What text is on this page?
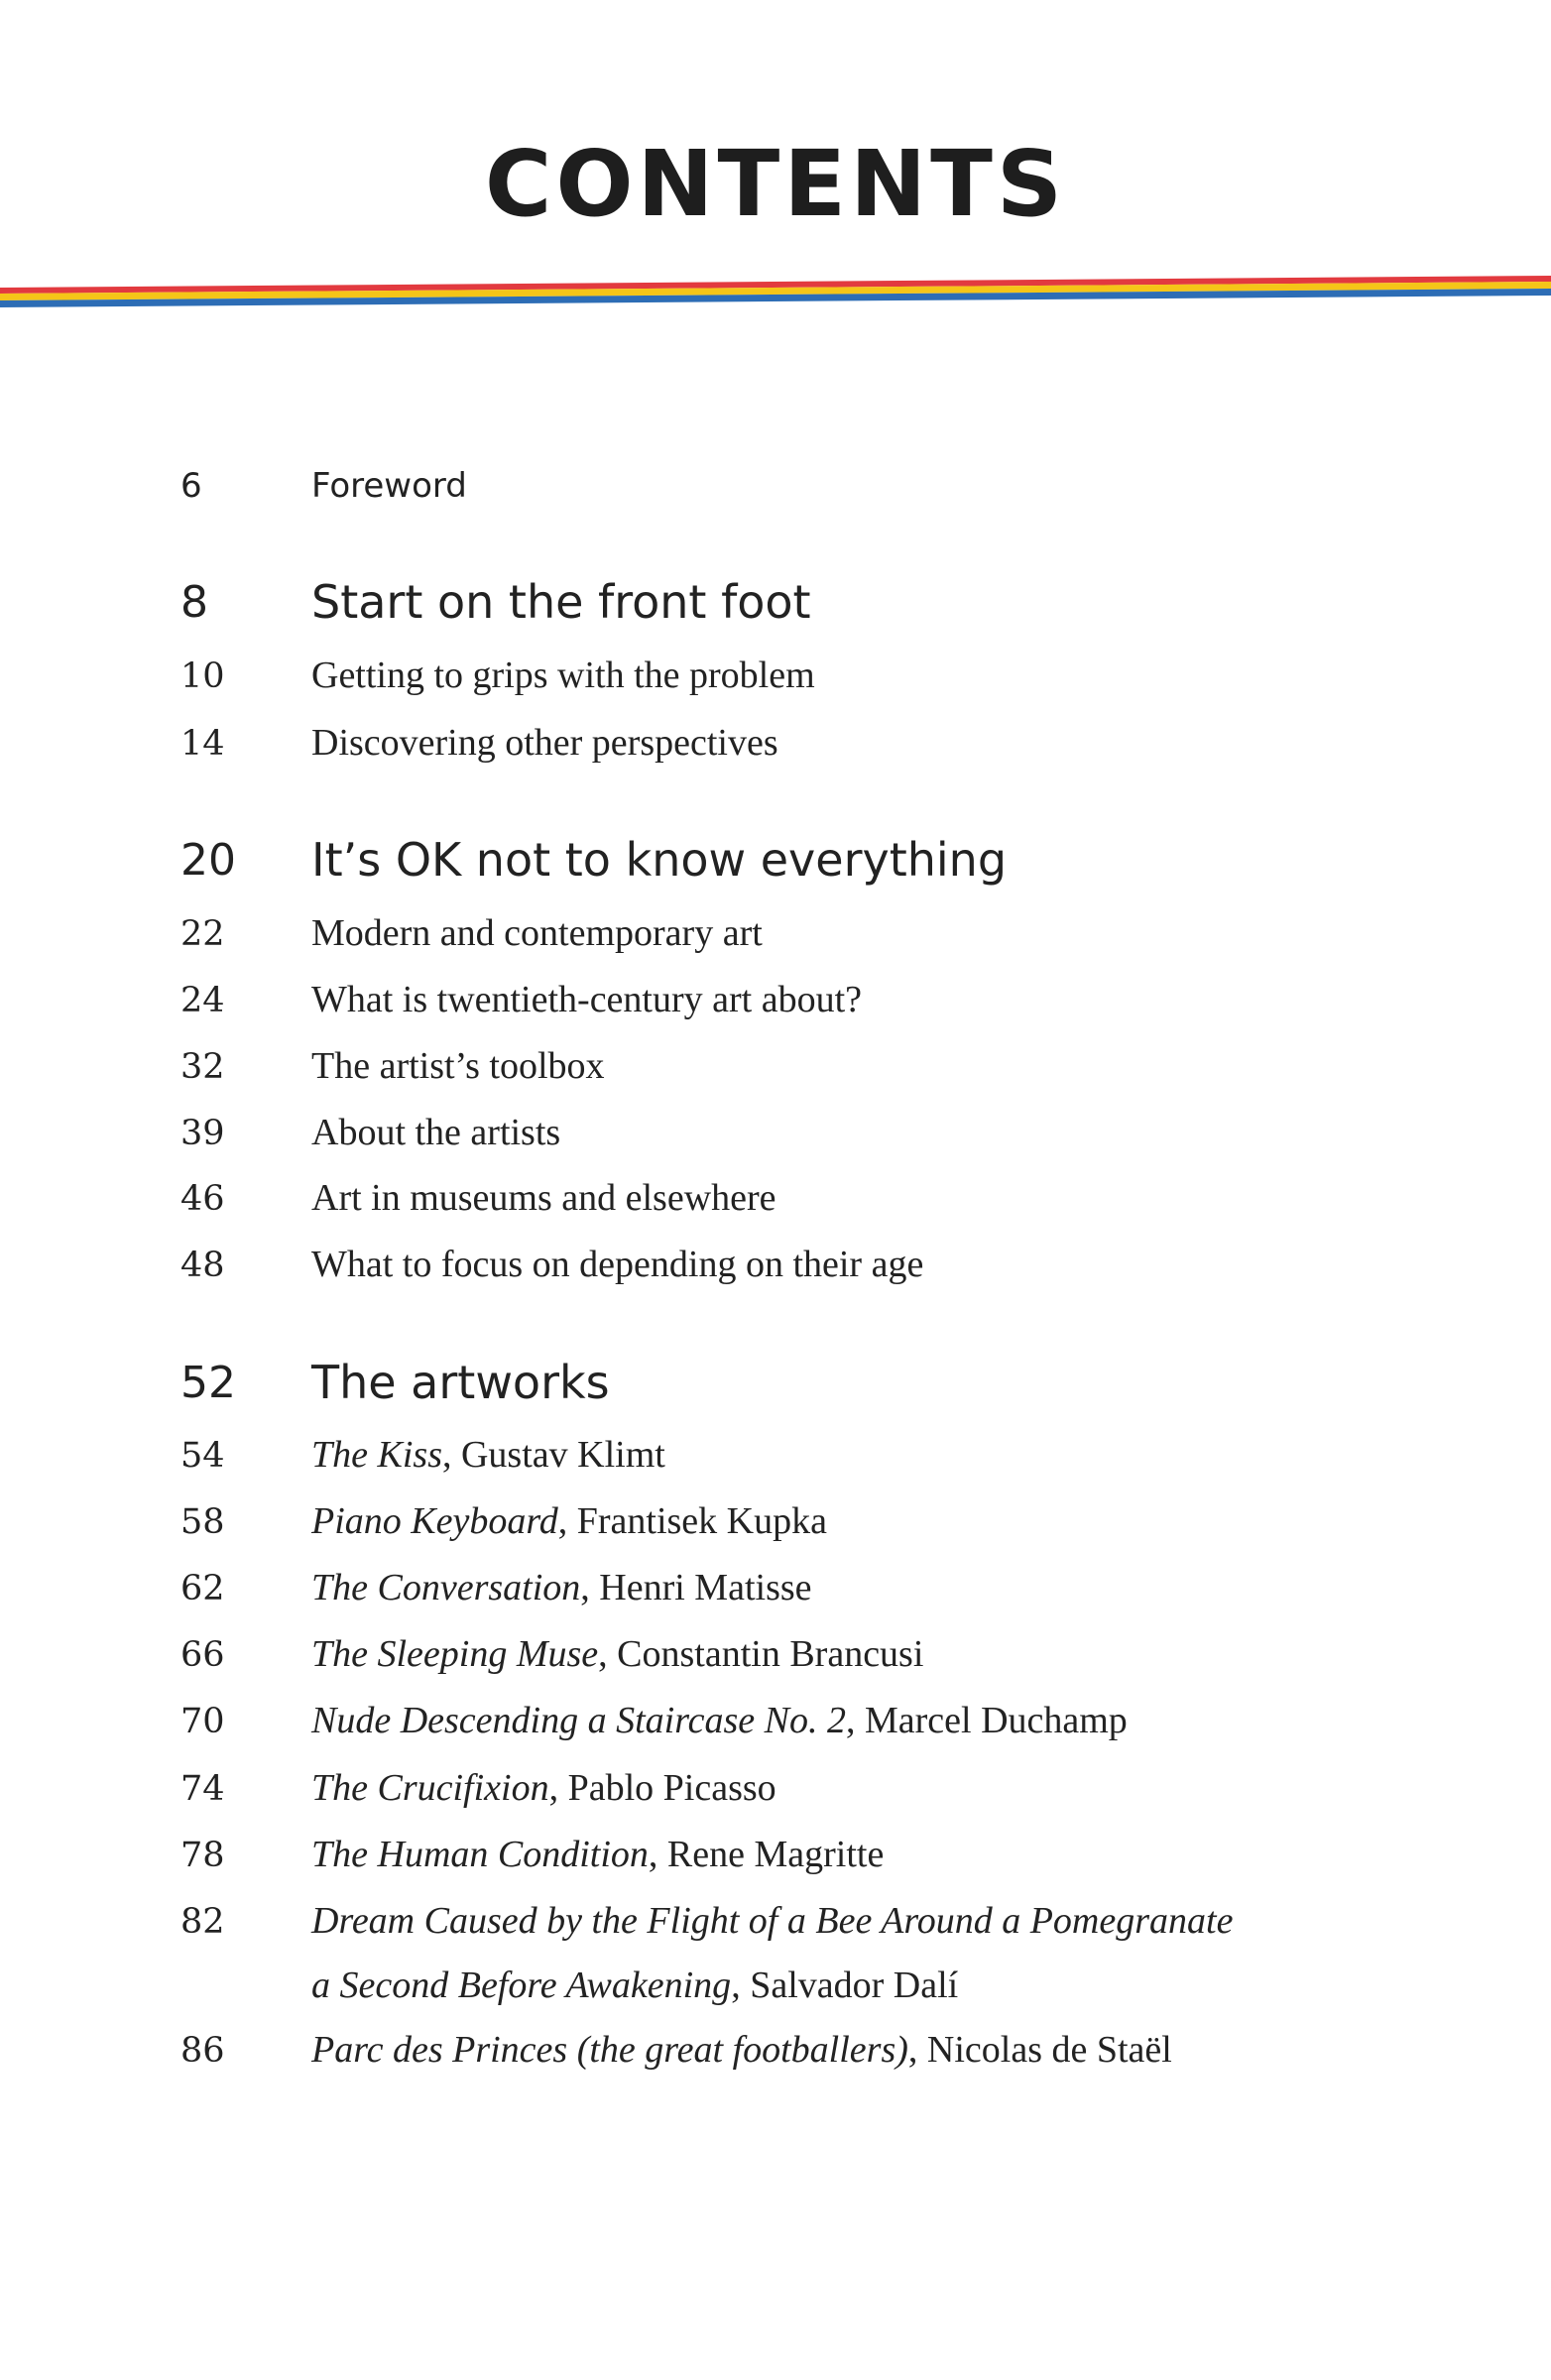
CONTENTS
6	Foreword
8 Start on the front foot
10 Getting to grips with the problem
14 Discovering other perspectives
20 It’s OK not to know everything
22 Modern and contemporary art
24 What is twentieth-century art about?
32 The artist’s toolbox
39 About the artists
46 Art in museums and elsewhere
48 What to focus on depending on their age
52 The artworks
54 The Kiss, Gustav Klimt
58 Piano Keyboard, Frantisek Kupka
62 The Conversation, Henri Matisse
66 The Sleeping Muse, Constantin Brancusi
70 Nude Descending a Staircase No. 2, Marcel Duchamp
74 The Crucifixion, Pablo Picasso
78 The Human Condition, Rene Magritte
82 Dream Caused by the Flight of a Bee Around a Pomegranate
a Second Before Awakening, Salvador Dalí
86 Parc des Princes (the great footballers), Nicolas de Staël
